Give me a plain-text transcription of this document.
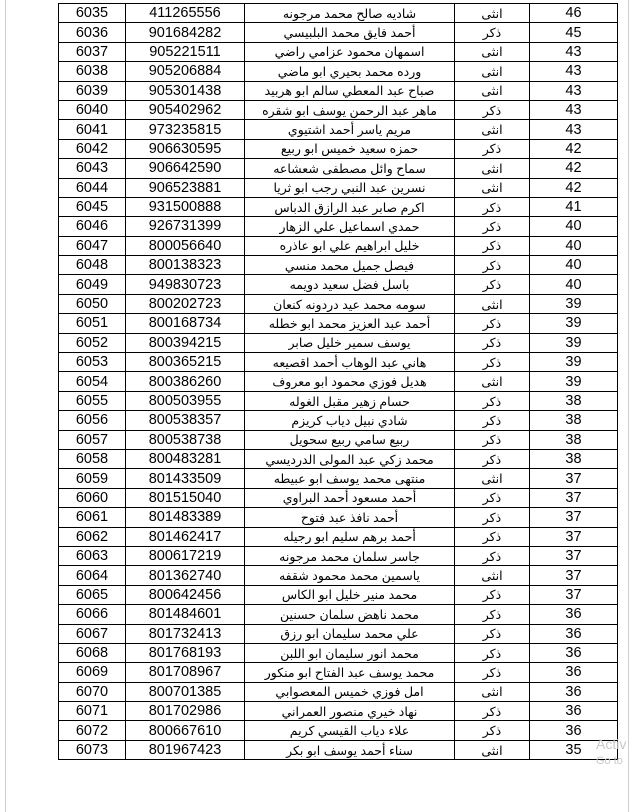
6035	411265556	شاديه صالح محمد مرجونه	انثى	46
6036	901684282	أحمد فايق محمد البلبيسي	ذكر	45
6037	905221511	اسمهان محمود عزامي راضي	انثى	43
6038	905206884	ورده محمد بحيري ابو ماضي	انثى	43
6039	905301438	صباح عبد المعطي سالم ابو هربيد	انثى	43
6040	905402962	ماهر عبد الرحمن يوسف ابو شقره	ذكر	43
6041	973235815	مريم ياسر أحمد اشتيوي	انثى	43
6042	906630595	حمزه سعيد خميس ابو ربيع	ذكر	42
6043	906642590	سماح وائل مصطفى شعشاعه	انثى	42
6044	906523881	نسرين عبد النبي رجب ابو ثريا	انثى	42
6045	931500888	اكرم صابر عبد الرازق الدباس	ذكر	41
6046	926731399	حمدي اسماعيل علي الزهار	ذكر	40
6047	800056640	خليل ابراهيم علي ابو عاذره	ذكر	40
6048	800138323	فيصل جميل محمد منسي	ذكر	40
6049	949830723	باسل فضل سعيد دويمه	ذكر	40
6050	800202723	سومه محمد عيد دردونه كنعان	انثى	39
6051	800168734	أحمد عبد العزيز محمد ابو خطله	ذكر	39
6052	800394215	يوسف سمير خليل صابر	ذكر	39
6053	800365215	هاني عبد الوهاب أحمد اقصيعه	ذكر	39
6054	800386260	هديل فوزي محمود ابو معروف	انثى	39
6055	800503955	حسام زهير مقبل الغوله	ذكر	38
6056	800538357	شادي نبيل دياب كريزم	ذكر	38
6057	800538738	ربيع سامي ربيع سحويل	ذكر	38
6058	800483281	محمد زكي عبد المولى الدرديسي	ذكر	38
6059	801433509	منتهى محمد يوسف ابو عبيطه	انثى	37
6060	801515040	أحمد مسعود أحمد البراوي	ذكر	37
6061	801483389	أحمد نافذ عبد فتوح	ذكر	37
6062	801462417	أحمد برهم سليم ابو رجيله	ذكر	37
6063	800617219	جاسر سلمان محمد مرجونه	ذكر	37
6064	801362740	ياسمين محمد محمود شقفه	انثى	37
6065	800642456	محمد منير خليل ابو الكاس	ذكر	37
6066	801484601	محمد ناهض سلمان حسنين	ذكر	36
6067	801732413	علي محمد سليمان ابو رزق	ذكر	36
6068	801768193	محمد انور سليمان ابو اللبن	ذكر	36
6069	801708967	محمد يوسف عبد الفتاح ابو منكور	ذكر	36
6070	800701385	امل فوزي خميس المعصوابي	انثى	36
6071	801702986	نهاد خيري منصور العمراني	ذكر	36
6072	800667610	علاء دياب القيسي كريم	ذكر	36
6073	801967423	سناء أحمد يوسف ابو بكر	انثى	35 Activ
Go to
